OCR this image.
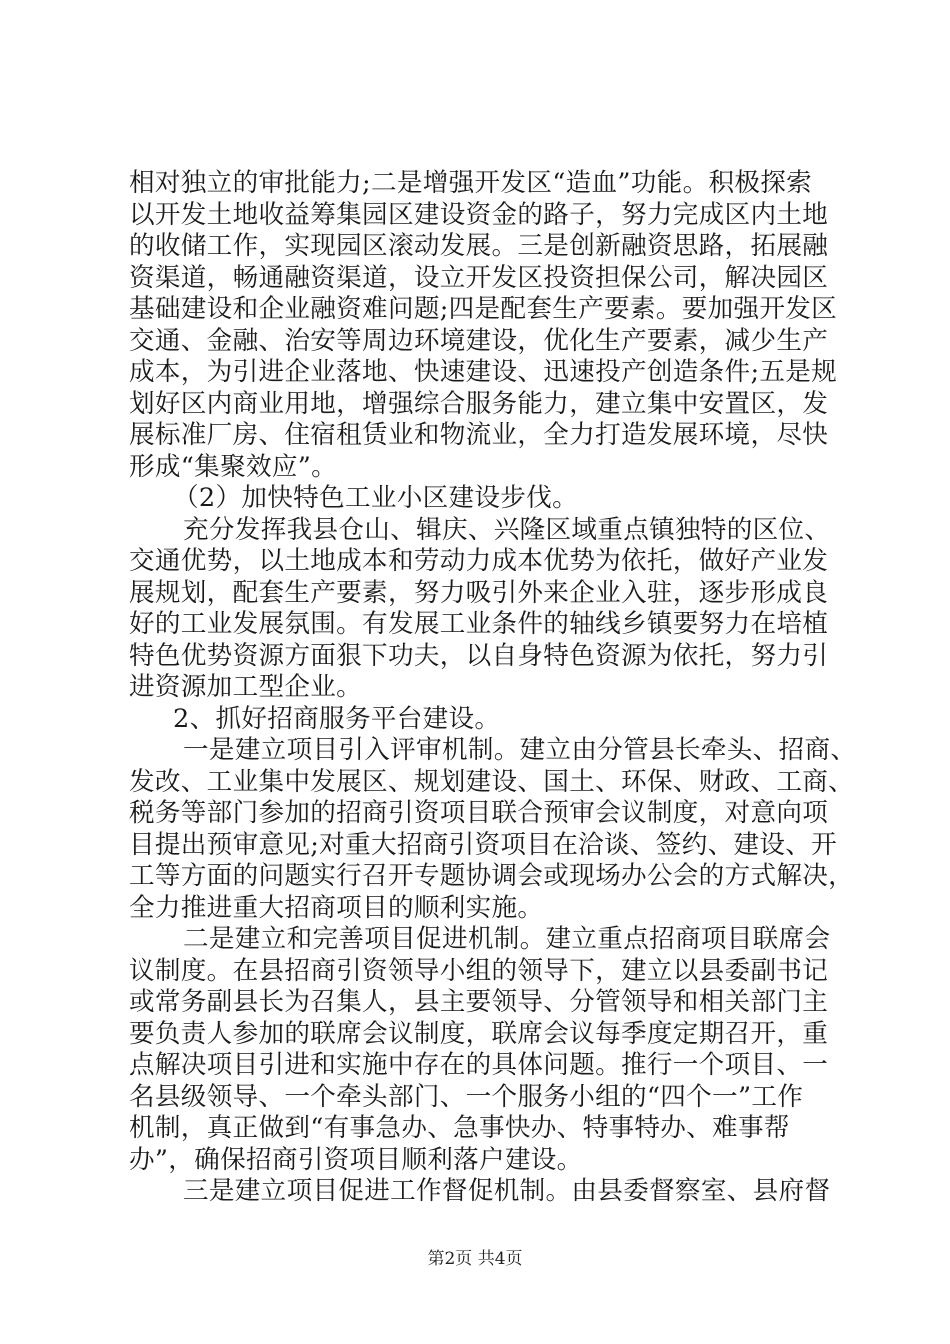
相对独立的审批能力;二是增强开发区“造血”功能。积极探索
以开发土地收益筹集园区建设资金的路子，努力完成区内土地
的收储工作，实现园区滚动发展。三是创新融资思路，拓展融
资渠道，畅通融资渠道，设立开发区投资担保公司，解决园区
基础建设和企业融资难问题;四是配套生产要素。要加强开发区
交通、金融、治安等周边环境建设，优化生产要素，减少生产
成本，为引进企业落地、快速建设、迅速投产创造条件;五是规
划好区内商业用地，增强综合服务能力，建立集中安置区，发
展标准厂房、住宿租赁业和物流业，全力打造发展环境，尽快
形成“集聚效应”。
（2）加快特色工业小区建设步伐。
充分发挥我县仓山、辑庆、兴隆区域重点镇独特的区位、
交通优势，以土地成本和劳动力成本优势为依托，做好产业发
展规划，配套生产要素，努力吸引外来企业入驻，逐步形成良
好的工业发展氛围。有发展工业条件的轴线乡镇要努力在培植
特色优势资源方面狠下功夫，以自身特色资源为依托，努力引
进资源加工型企业。
2、抓好招商服务平台建设。
一是建立项目引入评审机制。建立由分管县长牵头、招商、
发改、工业集中发展区、规划建设、国土、环保、财政、工商、
税务等部门参加的招商引资项目联合预审会议制度，对意向项
目提出预审意见;对重大招商引资项目在洽谈、签约、建设、开
工等方面的问题实行召开专题协调会或现场办公会的方式解决，
全力推进重大招商项目的顺利实施。
二是建立和完善项目促进机制。建立重点招商项目联席会
议制度。在县招商引资领导小组的领导下，建立以县委副书记
或常务副县长为召集人，县主要领导、分管领导和相关部门主
要负责人参加的联席会议制度，联席会议每季度定期召开，重
点解决项目引进和实施中存在的具体问题。推行一个项目、一
名县级领导、一个牵头部门、一个服务小组的“四个一”工作
机制，真正做到“有事急办、急事快办、特事特办、难事帮
办”，确保招商引资项目顺利落户建设。
三是建立项目促进工作督促机制。由县委督察室、县府督
第2页 共4页
